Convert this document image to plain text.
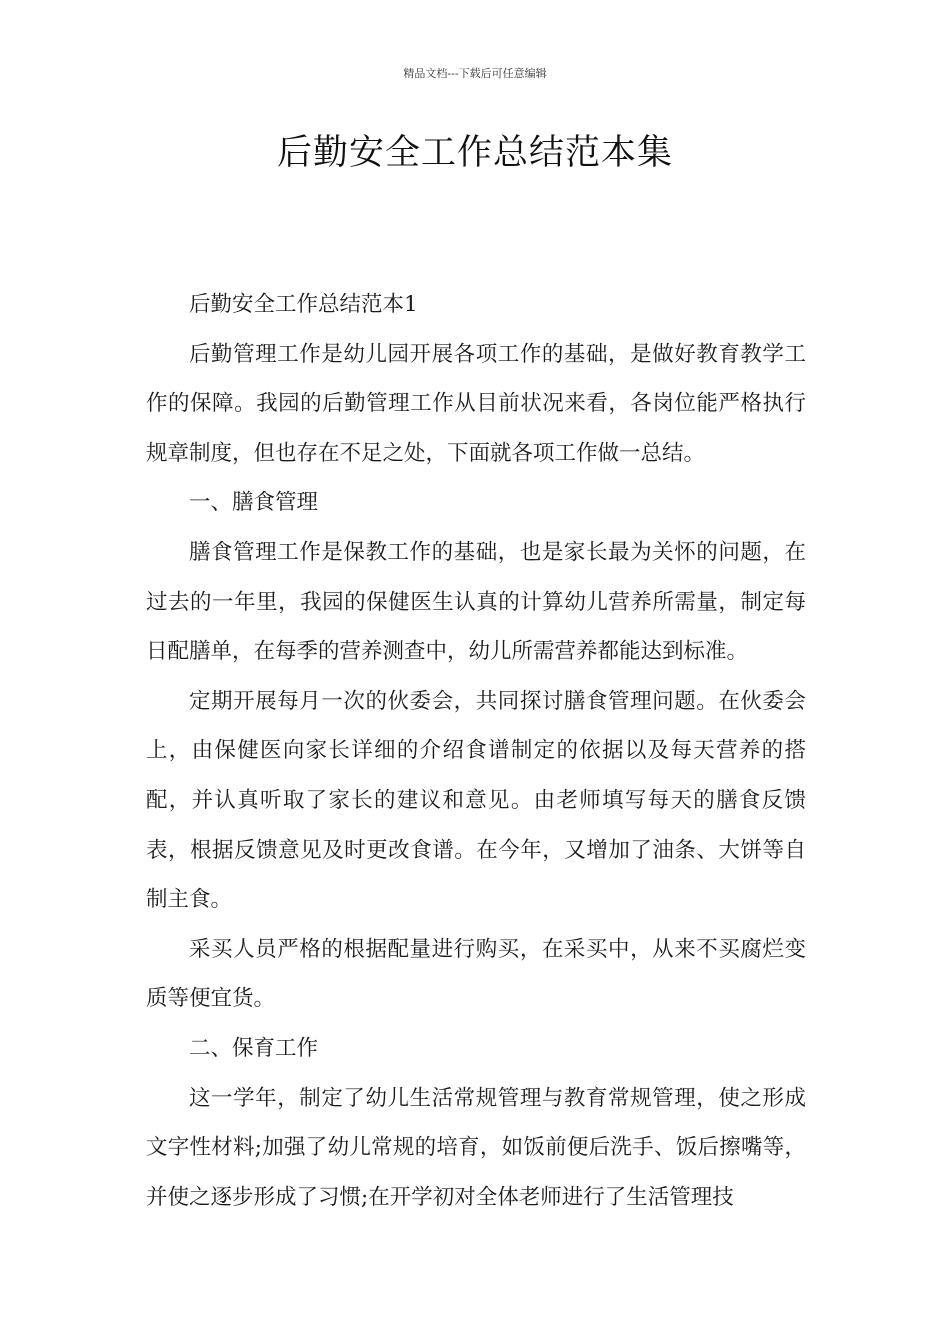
精品文档---下载后可任意编辑
后勤安全工作总结范本集

后勤安全工作总结范本1

后勤管理工作是幼儿园开展各项工作的基础，是做好教育教学工作的保障。我园的后勤管理工作从目前状况来看，各岗位能严格执行规章制度，但也存在不足之处，下面就各项工作做一总结。

一、膳食管理

膳食管理工作是保教工作的基础，也是家长最为关怀的问题，在过去的一年里，我园的保健医生认真的计算幼儿营养所需量，制定每日配膳单，在每季的营养测查中，幼儿所需营养都能达到标准。

定期开展每月一次的伙委会，共同探讨膳食管理问题。在伙委会上，由保健医向家长详细的介绍食谱制定的依据以及每天营养的搭配，并认真听取了家长的建议和意见。由老师填写每天的膳食反馈表，根据反馈意见及时更改食谱。在今年，又增加了油条、大饼等自制主食。

采买人员严格的根据配量进行购买，在采买中，从来不买腐烂变质等便宜货。

二、保育工作

这一学年，制定了幼儿生活常规管理与教育常规管理，使之形成文字性材料;加强了幼儿常规的培育，如饭前便后洗手、饭后擦嘴等，并使之逐步形成了习惯;在开学初对全体老师进行了生活管理技
